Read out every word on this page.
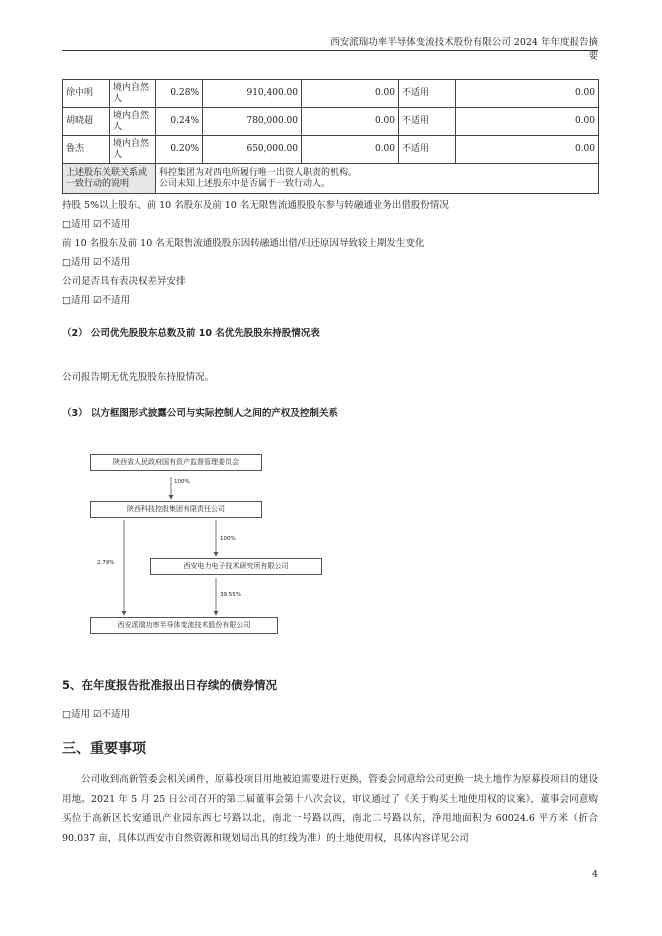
西安派瑞功率半导体变流技术股份有限公司 2024 年年度报告摘要
徐中明	境内自然人	0.28%	910,400.00	0.00	不适用	0.00
胡晓超	境内自然人	0.24%	780,000.00	0.00	不适用	0.00
鲁杰	境内自然人	0.20%	650,000.00	0.00	不适用	0.00
上述股东关联关系或一致行动的说明		科控集团为对西电所履行唯一出资人职责的机构。
公司未知上述股东中是否属于一致行动人。				
持股 5%以上股东、前 10 名股东及前 10 名无限售流通股股东参与转融通业务出借股份情况
□适用 ☑不适用
前 10 名股东及前 10 名无限售流通股股东因转融通出借/归还原因导致较上期发生变化
□适用 ☑不适用
公司是否具有表决权差异安排
□适用 ☑不适用
（2） 公司优先股股东总数及前 10 名优先股股东持股情况表
公司报告期无优先股股东持股情况。
（3） 以方框图形式披露公司与实际控制人之间的产权及控制关系
陕西省人民政府国有资产监督管理委员会
100%
陕西科技控股集团有限责任公司
100%
2.79%	西安电力电子技术研究所有限公司
39.55%
西安派瑞功率半导体变流技术股份有限公司
5、在年度报告批准报出日存续的债券情况
□适用 ☑不适用
三、重要事项
公司收到高新管委会相关函件，原募投项目用地被迫需要进行更换，管委会同意给公司更换一块土地作为原募投项目的建设用地。2021 年 5 月 25 日公司召开的第二届董事会第十八次会议，审议通过了《关于购买土地使用权的议案》，董事会同意购买位于高新区长安通讯产业园东西七号路以北，南北一号路以西，南北二号路以东，净用地面积为 60024.6 平方米（折合 90.037 亩，具体以西安市自然资源和规划局出具的红线为准）的土地使用权，具体内容详见公司
4
